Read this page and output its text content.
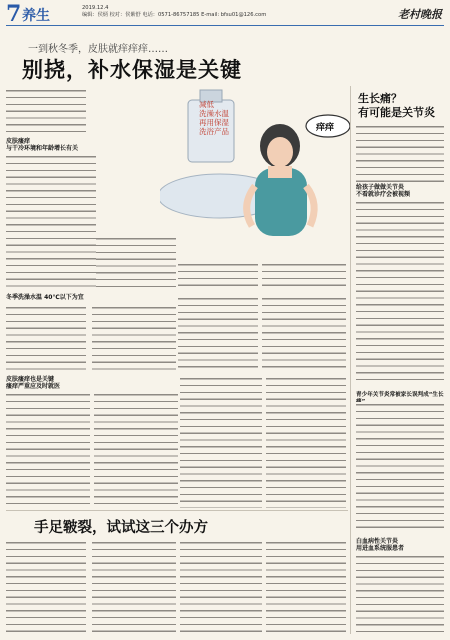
7 养生	2019.12.4
编辑：侯炳 校对：侯紫舒 电话：0571-86757185 E-mail: bfsu01@126.com	老村晚报
一到秋冬季，皮肤就痒痒痒……
别挠，补水保湿是关键
减低
洗澡水温
再用保湿
洗浴产品	痒痒
皮肤瘙痒
与干冷环境和年龄增长有关
冬季洗澡水温 40℃以下为宜
皮肤瘙痒也是关键
瘙痒严重应及时就医
手足皲裂，试试这三个办方
生长痛？
有可能是关节炎
给孩子做做关节炎
不看就诊疗会被视频
青少年关节炎常被家长误判成“生长
白血病性关节炎
用进血系统服患者
